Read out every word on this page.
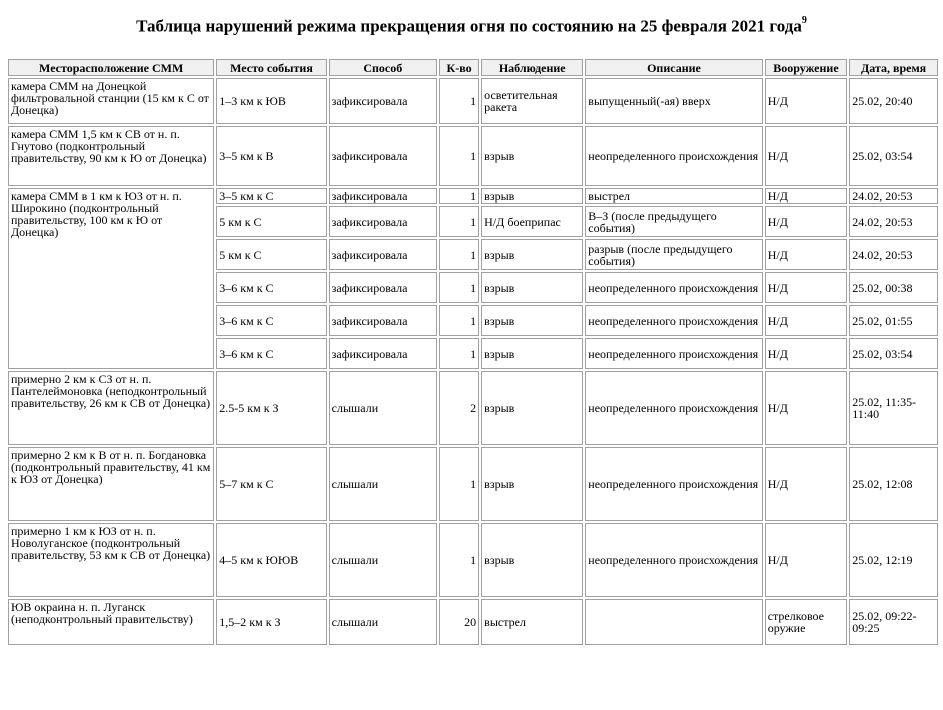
Таблица нарушений режима прекращения огня по состоянию на 25 февраля 2021 года$^9$
Месторасположение СММ	Место события	Способ	К-во	Наблюдение	Описание	Вооружение	Дата, время
камера СММ на Донецкой фильтровальной станции (15 км к С от Донецка)	1–3 км к ЮВ	зафиксировала	1	осветительная ракета	выпущенный(-ая) вверх	Н/Д	25.02, 20:40
камера СММ 1,5 км к СВ от н. п. Гнутово (подконтрольный правительству, 90 км к Ю от Донецка)	3–5 км к В	зафиксировала	1	взрыв	неопределенного происхождения	Н/Д	25.02, 03:54
камера СММ в 1 км к ЮЗ от н. п. Широкино (подконтрольный правительству, 100 км к Ю от Донецка)	3–5 км к С	зафиксировала	1	взрыв	выстрел	Н/Д	24.02, 20:53
	5 км к С	зафиксировала	1	Н/Д боеприпас	В–З (после предыдущего события)	Н/Д	24.02, 20:53
	5 км к С	зафиксировала	1	взрыв	разрыв (после предыдущего события)	Н/Д	24.02, 20:53
	3–6 км к С	зафиксировала	1	взрыв	неопределенного происхождения	Н/Д	25.02, 00:38
	3–6 км к С	зафиксировала	1	взрыв	неопределенного происхождения	Н/Д	25.02, 01:55
	3–6 км к С	зафиксировала	1	взрыв	неопределенного происхождения	Н/Д	25.02, 03:54
примерно 2 км к СЗ от н. п. Пантелеймоновка (неподконтрольный правительству, 26 км к СВ от Донецка)	2.5-5 км к З	слышали	2	взрыв	неопределенного происхождения	Н/Д	25.02, 11:35-11:40
примерно 2 км к В от н. п. Богдановка (подконтрольный правительству, 41 км к ЮЗ от Донецка)	5–7 км к С	слышали	1	взрыв	неопределенного происхождения	Н/Д	25.02, 12:08
примерно 1 км к ЮЗ от н. п. Новолуганское (подконтрольный правительству, 53 км к СВ от Донецка)	4–5 км к ЮЮВ	слышали	1	взрыв	неопределенного происхождения	Н/Д	25.02, 12:19
ЮВ окраина н. п. Луганск (неподконтрольный правительству)	1,5–2 км к З	слышали	20	выстрел		стрелковое оружие	25.02, 09:22-09:25
